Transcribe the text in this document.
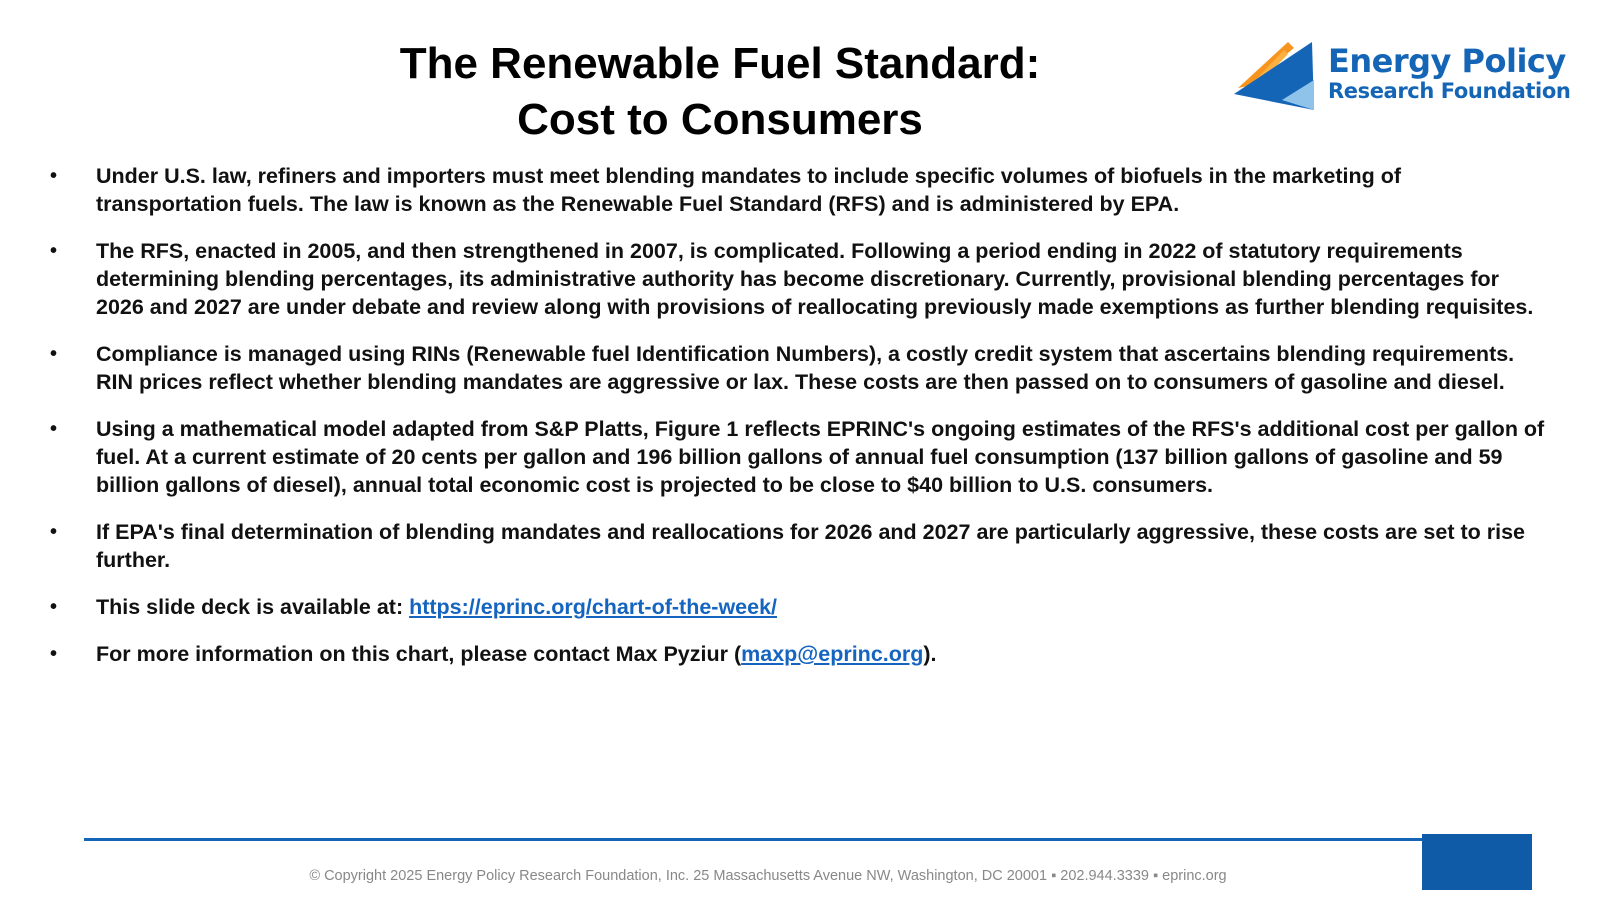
The Renewable Fuel Standard:
Cost to Consumers
Energy Policy
Research Foundation
• Under U.S. law, refiners and importers must meet blending mandates to include specific volumes of biofuels in the marketing of transportation fuels. The law is known as the Renewable Fuel Standard (RFS) and is administered by EPA.
• The RFS, enacted in 2005, and then strengthened in 2007, is complicated. Following a period ending in 2022 of statutory requirements determining blending percentages, its administrative authority has become discretionary. Currently, provisional blending percentages for 2026 and 2027 are under debate and review along with provisions of reallocating previously made exemptions as further blending requisites.
• Compliance is managed using RINs (Renewable fuel Identification Numbers), a costly credit system that ascertains blending requirements. RIN prices reflect whether blending mandates are aggressive or lax. These costs are then passed on to consumers of gasoline and diesel.
• Using a mathematical model adapted from S&P Platts, Figure 1 reflects EPRINC's ongoing estimates of the RFS's additional cost per gallon of fuel. At a current estimate of 20 cents per gallon and 196 billion gallons of annual fuel consumption (137 billion gallons of gasoline and 59 billion gallons of diesel), annual total economic cost is projected to be close to $40 billion to U.S. consumers.
• If EPA's final determination of blending mandates and reallocations for 2026 and 2027 are particularly aggressive, these costs are set to rise further.
• This slide deck is available at: https://eprinc.org/chart-of-the-week/
• For more information on this chart, please contact Max Pyziur (maxp@eprinc.org).
© Copyright 2025 Energy Policy Research Foundation, Inc. 25 Massachusetts Avenue NW, Washington, DC 20001 ▪ 202.944.3339 ▪ eprinc.org
